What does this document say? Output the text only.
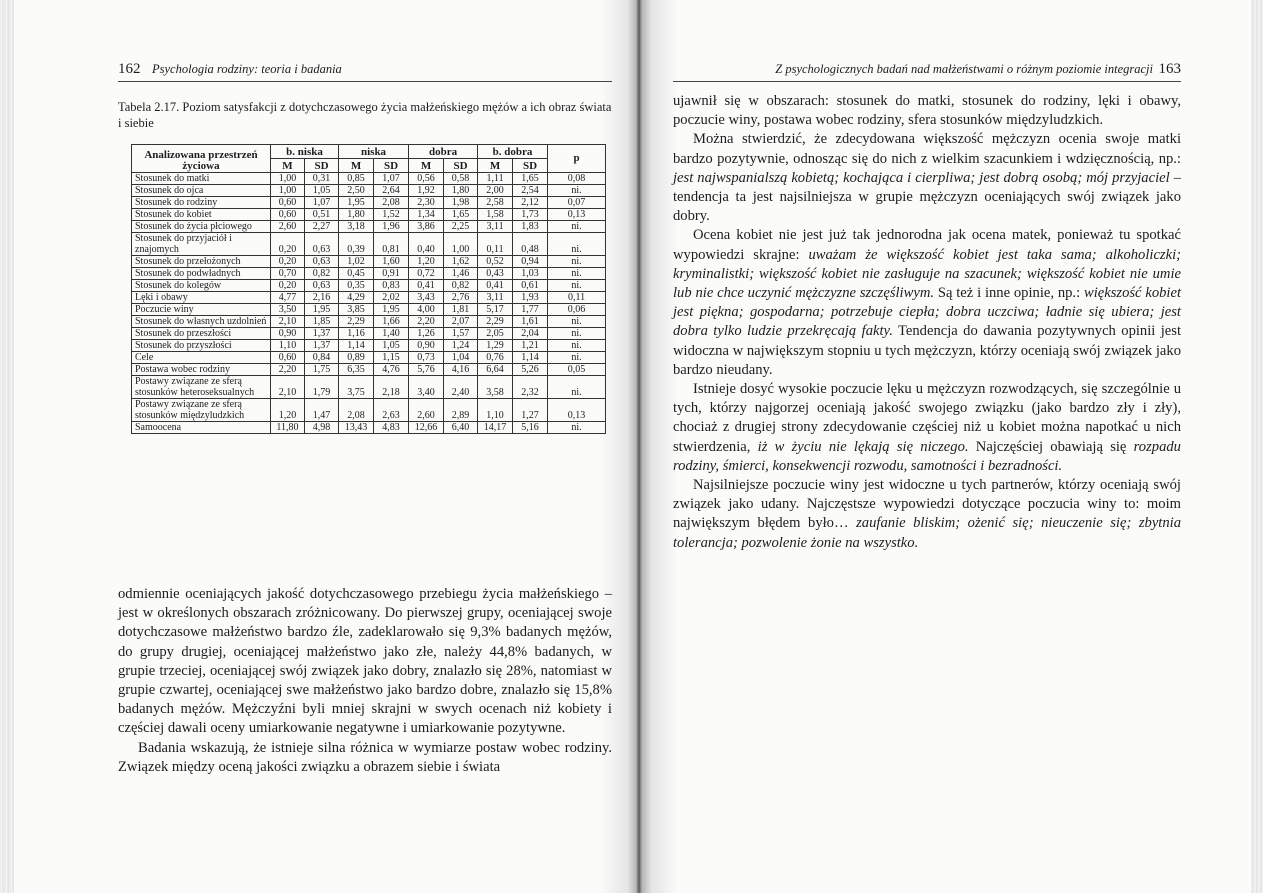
162 Psychologia rodziny: teoria i badania
Tabela 2.17. Poziom satysfakcji z dotychczasowego życia małżeńskiego mężów a ich obraz świata i siebie
Analizowana przestrzeń życiowa	b. niska		niska		dobra		b. dobra		p
	M	SD	M	SD	M	SD	M	SD	
Stosunek do matki	1,00	0,31	0,85	1,07	0,56	0,58	1,11	1,65	0,08
Stosunek do ojca	1,00	1,05	2,50	2,64	1,92	1,80	2,00	2,54	ni.
Stosunek do rodziny	0,60	1,07	1,95	2,08	2,30	1,98	2,58	2,12	0,07
Stosunek do kobiet	0,60	0,51	1,80	1,52	1,34	1,65	1,58	1,73	0,13
Stosunek do życia płciowego	2,60	2,27	3,18	1,96	3,86	2,25	3,11	1,83	ni.
Stosunek do przyjaciół i znajomych	0,20	0,63	0,39	0,81	0,40	1,00	0,11	0,48	ni.
Stosunek do przełożonych	0,20	0,63	1,02	1,60	1,20	1,62	0,52	0,94	ni.
Stosunek do podwładnych	0,70	0,82	0,45	0,91	0,72	1,46	0,43	1,03	ni.
Stosunek do kolegów	0,20	0,63	0,35	0,83	0,41	0,82	0,41	0,61	ni.
Lęki i obawy	4,77	2,16	4,29	2,02	3,43	2,76	3,11	1,93	0,11
Poczucie winy	3,50	1,95	3,85	1,95	4,00	1,81	5,17	1,77	0,06
Stosunek do własnych uzdolnień	2,10	1,85	2,29	1,66	2,20	2,07	2,29	1,61	ni.
Stosunek do przeszłości	0,90	1,37	1,16	1,40	1,26	1,57	2,05	2,04	ni.
Stosunek do przyszłości	1,10	1,37	1,14	1,05	0,90	1,24	1,29	1,21	ni.
Cele	0,60	0,84	0,89	1,15	0,73	1,04	0,76	1,14	ni.
Postawa wobec rodziny	2,20	1,75	6,35	4,76	5,76	4,16	6,64	5,26	0,05
Postawy związane ze sferą stosunków heteroseksualnych	2,10	1,79	3,75	2,18	3,40	2,40	3,58	2,32	ni.
Postawy związane ze sferą stosunków międzyludzkich	1,20	1,47	2,08	2,63	2,60	2,89	1,10	1,27	0,13
Samoocena	11,80	4,98	13,43	4,83	12,66	6,40	14,17	5,16	ni.

odmiennie oceniających jakość dotychczasowego przebiegu życia małżeńskiego – jest w określonych obszarach zróżnicowany. Do pierwszej grupy, oceniającej swoje dotychczasowe małżeństwo bardzo źle, zadeklarowało się 9,3% badanych mężów, do grupy drugiej, oceniającej małżeństwo jako złe, należy 44,8% badanych, w grupie trzeciej, oceniającej swój związek jako dobry, znalazło się 28%, natomiast w grupie czwartej, oceniającej swe małżeństwo jako bardzo dobre, znalazło się 15,8% badanych mężów. Mężczyźni byli mniej skrajni w swych ocenach niż kobiety i częściej dawali oceny umiarkowanie negatywne i umiarkowanie pozytywne.

Badania wskazują, że istnieje silna różnica w wymiarze postaw wobec rodziny. Związek między oceną jakości związku a obrazem siebie i świata

Z psychologicznych badań nad małżeństwami o różnym poziomie integracji 163

ujawnił się w obszarach: stosunek do matki, stosunek do rodziny, lęki i obawy, poczucie winy, postawa wobec rodziny, sfera stosunków międzyludzkich.

Można stwierdzić, że zdecydowana większość mężczyzn ocenia swoje matki bardzo pozytywnie, odnosząc się do nich z wielkim szacunkiem i wdzięcznością, np.: jest najwspanialszą kobietą; kochająca i cierpliwa; jest dobrą osobą; mój przyjaciel – tendencja ta jest najsilniejsza w grupie mężczyzn oceniających swój związek jako dobry.

Ocena kobiet nie jest już tak jednorodna jak ocena matek, ponieważ tu spotkać wypowiedzi skrajne: uważam że większość kobiet jest taka sama; alkoholiczki; kryminalistki; większość kobiet nie zasługuje na szacunek; większość kobiet nie umie lub nie chce uczynić mężczyzne szczęśliwym. Są też i inne opinie, np.: większość kobiet jest piękna; gospodarna; potrzebuje ciepła; dobra uczciwa; ładnie się ubiera; jest dobra tylko ludzie przekręcają fakty. Tendencja do dawania pozytywnych opinii jest widoczna w największym stopniu u tych mężczyzn, którzy oceniają swój związek jako bardzo nieudany.

Istnieje dosyć wysokie poczucie lęku u mężczyzn rozwodzących, się szczególnie u tych, którzy najgorzej oceniają jakość swojego związku (jako bardzo zły i zły), chociaż z drugiej strony zdecydowanie częściej niż u kobiet można napotkać u nich stwierdzenia, iż w życiu nie lękają się niczego. Najczęściej obawiają się rozpadu rodziny, śmierci, konsekwencji rozwodu, samotności i bezradności.

Najsilniejsze poczucie winy jest widoczne u tych partnerów, którzy oceniają swój związek jako udany. Najczęstsze wypowiedzi dotyczące poczucia winy to: moim największym błędem było… zaufanie bliskim; ożenić się; nieuczenie się; zbytnia tolerancja; pozwolenie żonie na wszystko.
